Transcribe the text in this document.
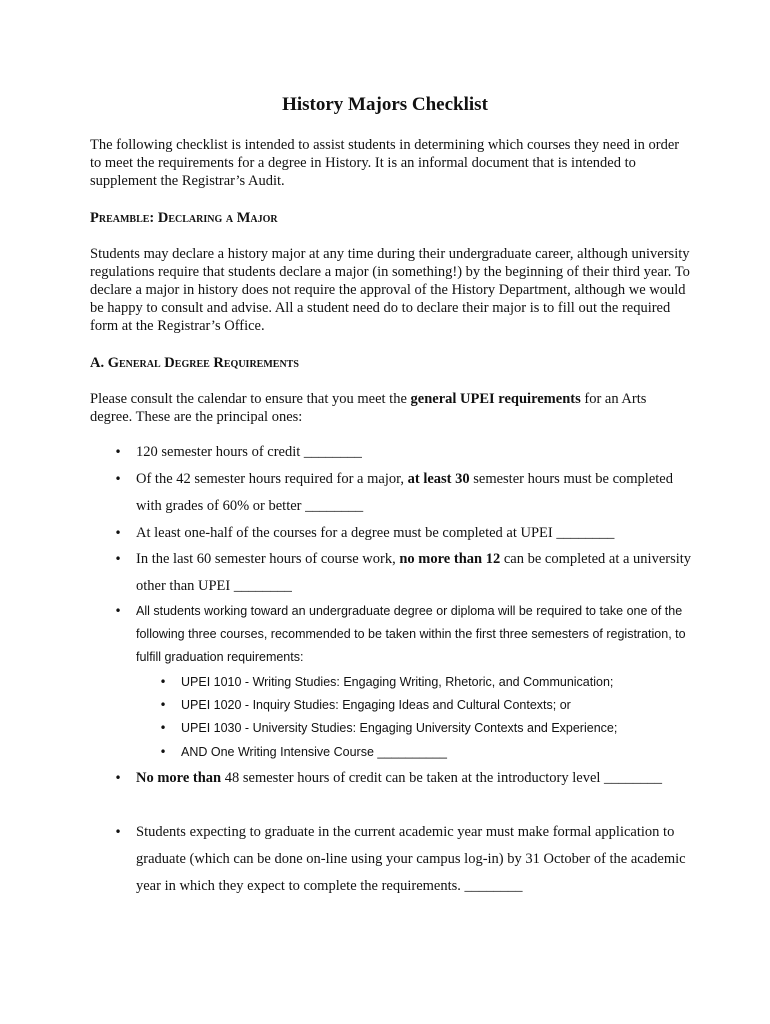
History Majors Checklist

The following checklist is intended to assist students in determining which courses they need in order to meet the requirements for a degree in History. It is an informal document that is intended to supplement the Registrar’s Audit.

Preamble: Declaring a Major

Students may declare a history major at any time during their undergraduate career, although university regulations require that students declare a major (in something!) by the beginning of their third year. To declare a major in history does not require the approval of the History Department, although we would be happy to consult and advise. All a student need do to declare their major is to fill out the required form at the Registrar’s Office.

A. General Degree Requirements

Please consult the calendar to ensure that you meet the general UPEI requirements for an Arts degree. These are the principal ones:

• 120 semester hours of credit ________
• Of the 42 semester hours required for a major, at least 30 semester hours must be completed with grades of 60% or better ________
• At least one-half of the courses for a degree must be completed at UPEI ________
• In the last 60 semester hours of course work, no more than 12 can be completed at a university other than UPEI ________
• All students working toward an undergraduate degree or diploma will be required to take one of the following three courses, recommended to be taken within the first three semesters of registration, to fulfill graduation requirements:
• UPEI 1010 - Writing Studies: Engaging Writing, Rhetoric, and Communication;
• UPEI 1020 - Inquiry Studies: Engaging Ideas and Cultural Contexts; or
• UPEI 1030 - University Studies: Engaging University Contexts and Experience;
• AND One Writing Intensive Course __________
• No more than 48 semester hours of credit can be taken at the introductory level ________
• Students expecting to graduate in the current academic year must make formal application to graduate (which can be done on-line using your campus log-in) by 31 October of the academic year in which they expect to complete the requirements. ________
